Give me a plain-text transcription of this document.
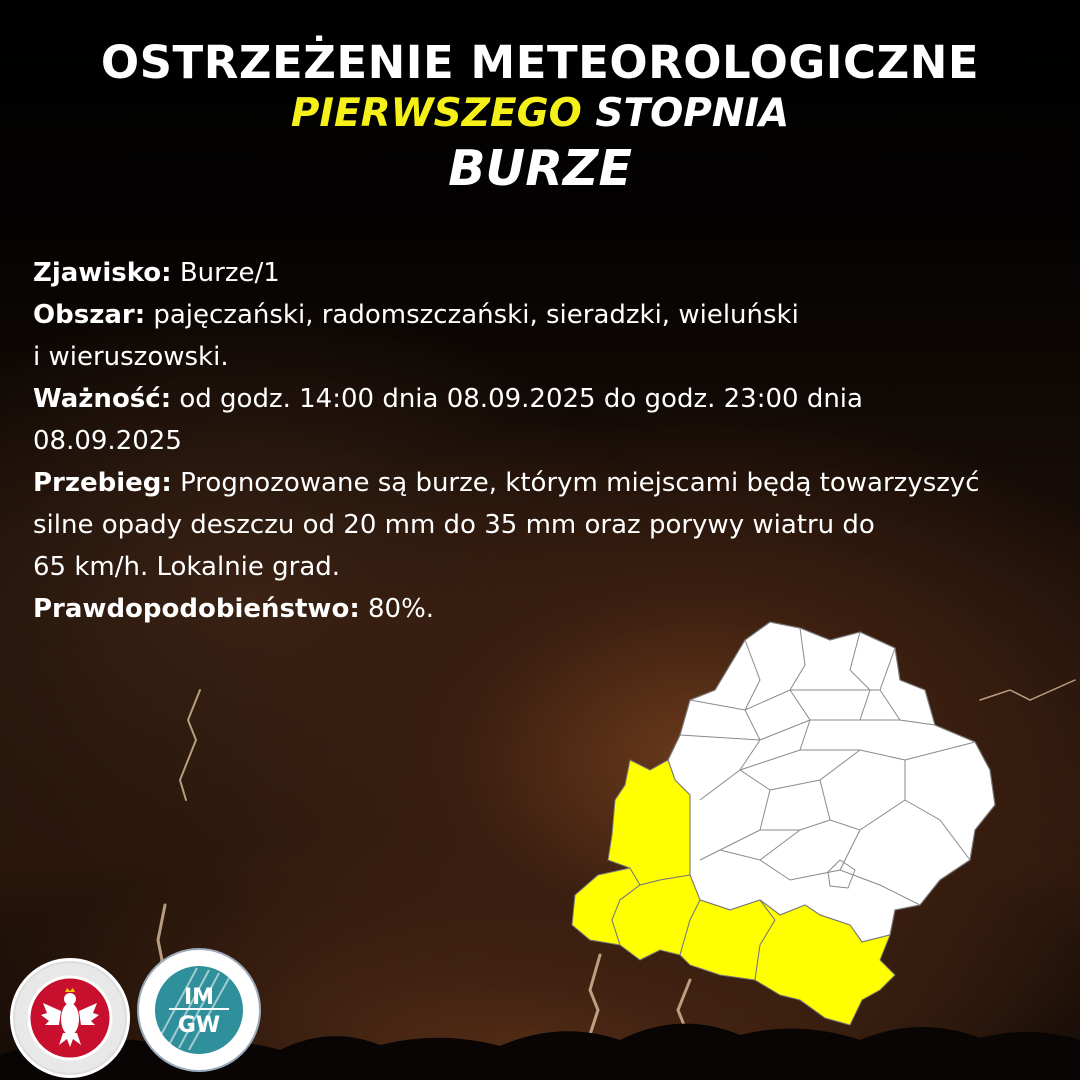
OSTRZEŻENIE METEOROLOGICZNE
PIERWSZEGO STOPNIA
BURZE
Zjawisko: Burze/1
Obszar: pajęczański, radomszczański, sieradzki, wieluński
i wieruszowski.
Ważność: od godz. 14:00 dnia 08.09.2025 do godz. 23:00 dnia
08.09.2025
Przebieg: Prognozowane są burze, którym miejscami będą towarzyszyć
silne opady deszczu od 20 mm do 35 mm oraz porywy wiatru do
65 km/h. Lokalnie grad.
Prawdopodobieństwo: 80%.
IM
GW
